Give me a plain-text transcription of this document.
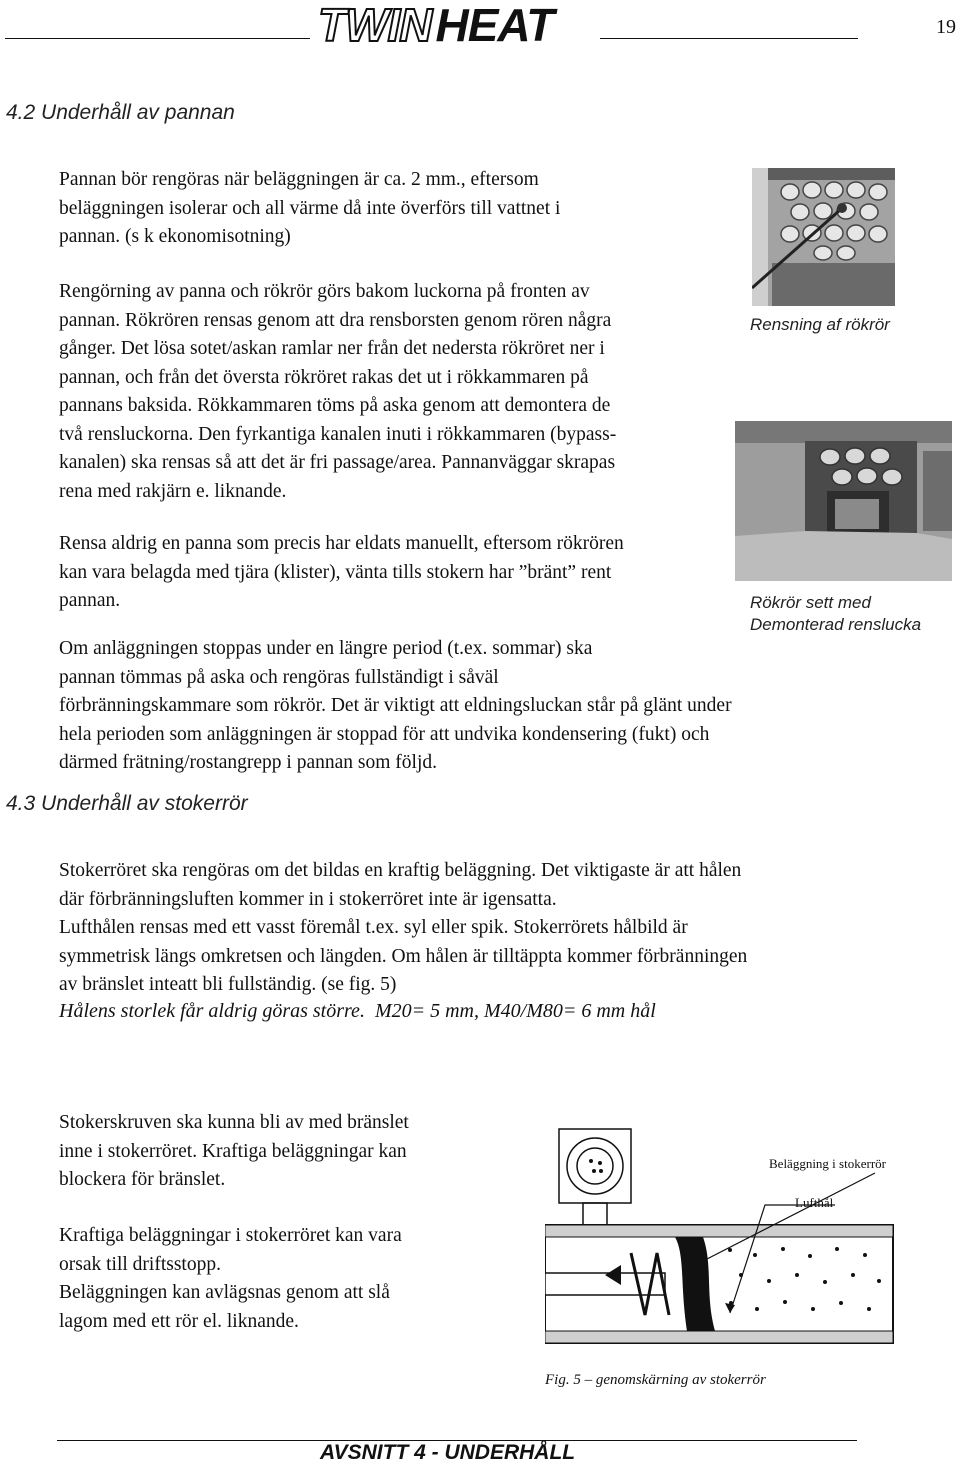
TWINHEAT	19
4.2 Underhåll av pannan
Pannan bör rengöras när beläggningen är ca. 2 mm., eftersom
beläggningen isolerar och all värme då inte överförs till vattnet i
pannan. (s k ekonomisotning)
Rengörning av panna och rökrör görs bakom luckorna på fronten av
pannan. Rökrören rensas genom att dra rensborsten genom rören några
gånger. Det lösa sotet/askan ramlar ner från det nedersta rökröret ner i
pannan, och från det översta rökröret rakas det ut i rökkammaren på
pannans baksida. Rökkammaren töms på aska genom att demontera de
två rensluckorna. Den fyrkantiga kanalen inuti i rökkammaren (bypass-
kanalen) ska rensas så att det är fri passage/area. Pannanväggar skrapas
rena med rakjärn e. liknande.
Rensning af rökrör
Rökrör sett med
Demonterad renslucka
Rensa aldrig en panna som precis har eldats manuellt, eftersom rökrören
kan vara belagda med tjära (klister), vänta tills stokern har ”bränt” rent
pannan.
Om anläggningen stoppas under en längre period (t.ex. sommar) ska
pannan tömmas på aska och rengöras fullständigt i såväl
förbränningskammare som rökrör. Det är viktigt att eldningsluckan står på glänt under
hela perioden som anläggningen är stoppad för att undvika kondensering (fukt) och
därmed frätning/rostangrepp i pannan som följd.
4.3 Underhåll av stokerrör
Stokerröret ska rengöras om det bildas en kraftig beläggning. Det viktigaste är att hålen
där förbränningsluften kommer in i stokerröret inte är igensatta.
Lufthålen rensas med ett vasst föremål t.ex. syl eller spik. Stokerrörets hålbild är
symmetrisk längs omkretsen och längden. Om hålen är tilltäppta kommer förbränningen
av bränslet inteatt bli fullständig. (se fig. 5)
Hålens storlek får aldrig göras större.  M20= 5 mm, M40/M80= 6 mm hål
Stokerskruven ska kunna bli av med bränslet
inne i stokerröret. Kraftiga beläggningar kan
blockera för bränslet.
Kraftiga beläggningar i stokerröret kan vara
orsak till driftsstopp.
Beläggningen kan avlägsnas genom att slå
lagom med ett rör el. liknande.
Beläggning i stokerrör
Lufthål
Fig. 5 – genomskärning av stokerrör
AVSNITT 4 - UNDERHÅLL
